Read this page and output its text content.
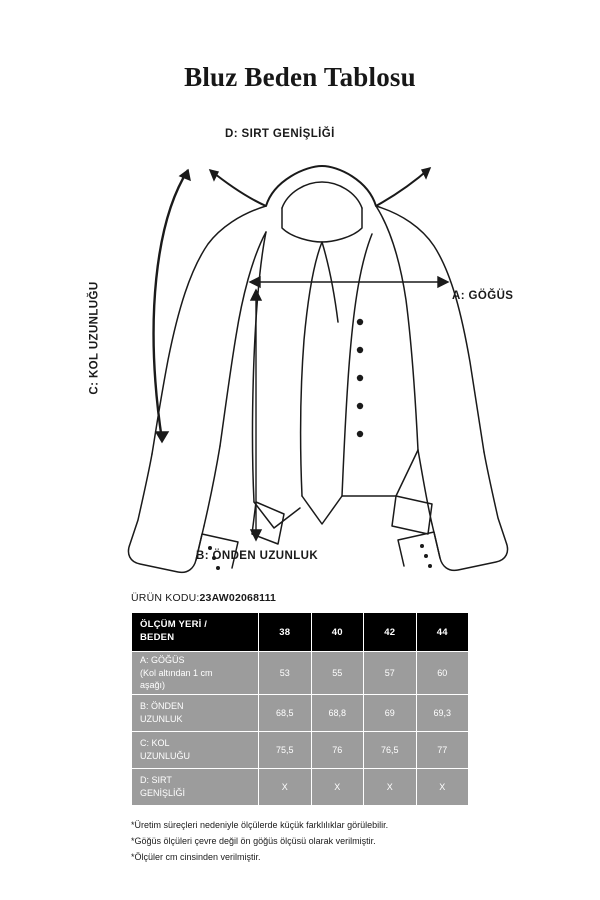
Bluz Beden Tablosu
D: SIRT GENİŞLİĞİ
A: GÖĞÜS
C: KOL UZUNLUĞU
B: ÖNDEN UZUNLUK
ÜRÜN KODU:23AW02068111
ÖLÇÜM YERİ /
BEDEN	38	40	42	44

A: GÖĞÜS
(Kol altından 1 cm
aşağı)	53	55	57	60

B: ÖNDEN
UZUNLUK	68,5	68,8	69	69,3

C: KOL
UZUNLUĞU	75,5	76	76,5	77

D: SIRT
GENİŞLİĞİ	X	X	X	X
*Üretim süreçleri nedeniyle ölçülerde küçük farklılıklar görülebilir.
*Göğüs ölçüleri çevre değil ön göğüs ölçüsü olarak verilmiştir.
*Ölçüler cm cinsinden verilmiştir.
